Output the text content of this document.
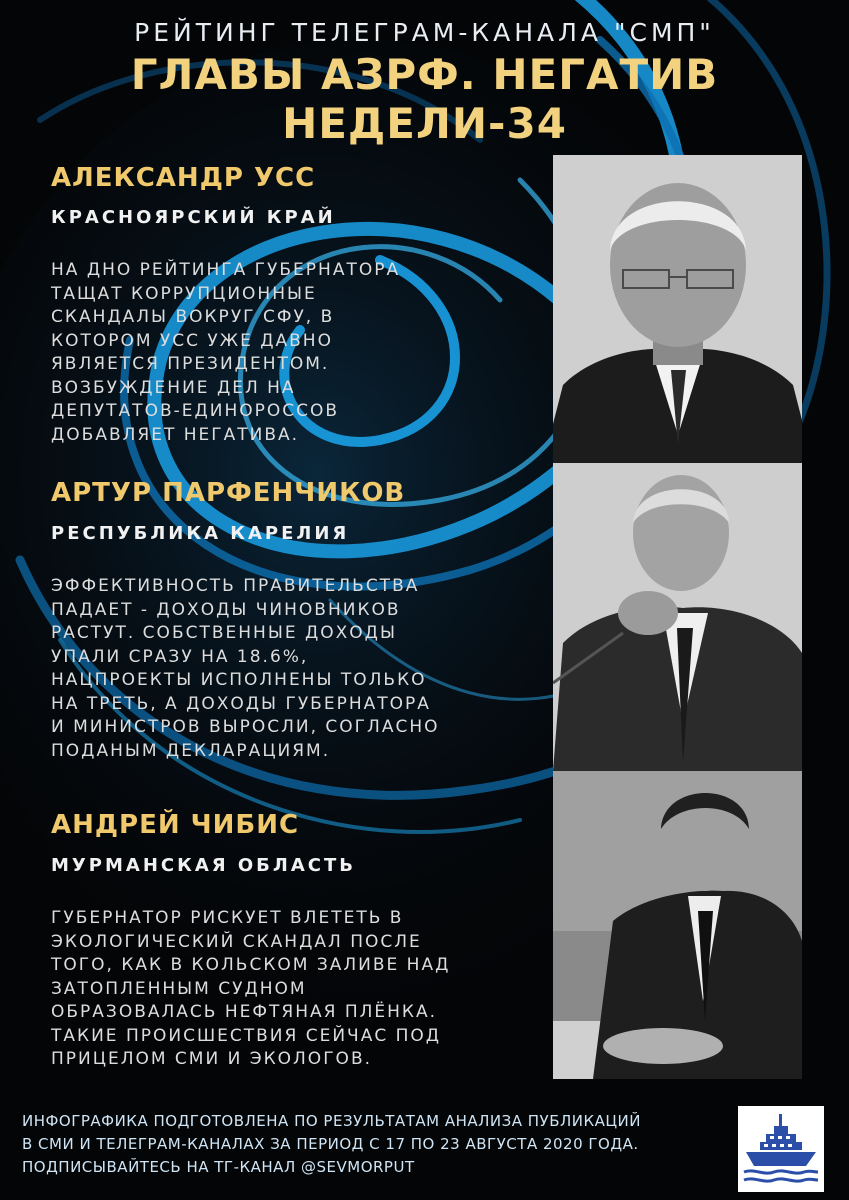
РЕЙТИНГ ТЕЛЕГРАМ-КАНАЛА "СМП"
ГЛАВЫ АЗРФ. НЕГАТИВ НЕДЕЛИ-34
АЛЕКСАНДР УСС
КРАСНОЯРСКИЙ КРАЙ
НА ДНО РЕЙТИНГА ГУБЕРНАТОРА
ТАЩАТ КОРРУПЦИОННЫЕ
СКАНДАЛЫ ВОКРУГ СФУ, В
КОТОРОМ УСС УЖЕ ДАВНО
ЯВЛЯЕТСЯ ПРЕЗИДЕНТОМ.
ВОЗБУЖДЕНИЕ ДЕЛ НА
ДЕПУТАТОВ-ЕДИНОРОССОВ
ДОБАВЛЯЕТ НЕГАТИВА.
АРТУР ПАРФЕНЧИКОВ
РЕСПУБЛИКА КАРЕЛИЯ
ЭФФЕКТИВНОСТЬ ПРАВИТЕЛЬСТВА
ПАДАЕТ - ДОХОДЫ ЧИНОВНИКОВ
РАСТУТ. СОБСТВЕННЫЕ ДОХОДЫ
УПАЛИ СРАЗУ НА 18.6%,
НАЦПРОЕКТЫ ИСПОЛНЕНЫ ТОЛЬКО
НА ТРЕТЬ, А ДОХОДЫ ГУБЕРНАТОРА
И МИНИСТРОВ ВЫРОСЛИ, СОГЛАСНО
ПОДАНЫМ ДЕКЛАРАЦИЯМ.
АНДРЕЙ ЧИБИС
МУРМАНСКАЯ ОБЛАСТЬ
ГУБЕРНАТОР РИСКУЕТ ВЛЕТЕТЬ В
ЭКОЛОГИЧЕСКИЙ СКАНДАЛ ПОСЛЕ
ТОГО, КАК В КОЛЬСКОМ ЗАЛИВЕ НАД
ЗАТОПЛЕННЫМ СУДНОМ
ОБРАЗОВАЛАСЬ НЕФТЯНАЯ ПЛЁНКА.
ТАКИЕ ПРОИСШЕСТВИЯ СЕЙЧАС ПОД
ПРИЦЕЛОМ СМИ И ЭКОЛОГОВ.
ИНФОГРАФИКА ПОДГОТОВЛЕНА ПО РЕЗУЛЬТАТАМ АНАЛИЗА ПУБЛИКАЦИЙ
В СМИ И ТЕЛЕГРАМ-КАНАЛАХ ЗА ПЕРИОД С 17 ПО 23 АВГУСТА 2020 ГОДА.
ПОДПИСЫВАЙТЕСЬ НА ТГ-КАНАЛ @SEVMORPUT
